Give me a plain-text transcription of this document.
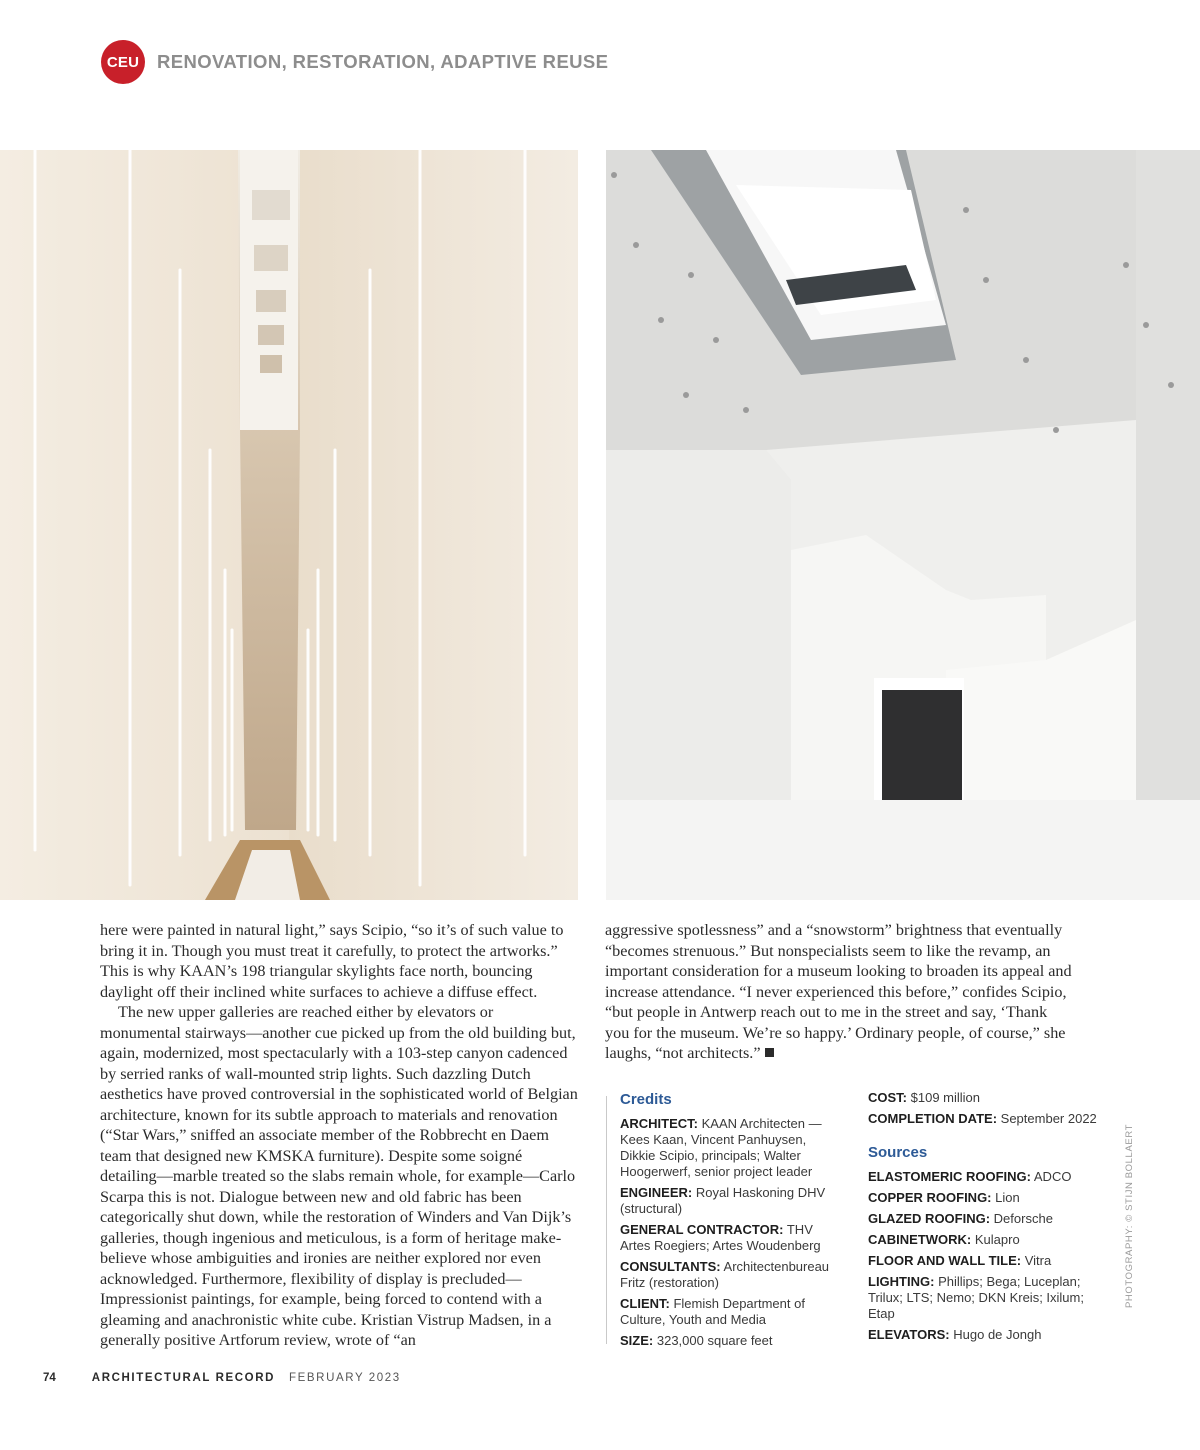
CEU RENOVATION, RESTORATION, ADAPTIVE REUSE

here were painted in natural light,” says Scipio, “so it’s of such value to bring it in. Though you must treat it carefully, to protect the artworks.” This is why KAAN’s 198 triangular skylights face north, bouncing daylight off their inclined white surfaces to achieve a diffuse effect.

The new upper galleries are reached either by elevators or monumental stairways—another cue picked up from the old building but, again, modernized, most spectacularly with a 103-step canyon cadenced by serried ranks of wall-mounted strip lights. Such dazzling Dutch aesthetics have proved controversial in the sophisticated world of Belgian architecture, known for its subtle approach to materials and renovation (“Star Wars,” sniffed an associate member of the Robbrecht en Daem team that designed new KMSKA furniture). Despite some soigné detailing—marble treated so the slabs remain whole, for example—Carlo Scarpa this is not. Dialogue between new and old fabric has been categorically shut down, while the restoration of Winders and Van Dijk’s galleries, though ingenious and meticulous, is a form of heritage make-believe whose ambiguities and ironies are neither explored nor even acknowledged. Furthermore, flexibility of display is precluded—Impressionist paintings, for example, being forced to contend with a gleaming and anachronistic white cube. Kristian Vistrup Madsen, in a generally positive Artforum review, wrote of “an

aggressive spotlessness” and a “snowstorm” brightness that eventually “becomes strenuous.” But nonspecialists seem to like the revamp, an important consideration for a museum looking to broaden its appeal and increase attendance. “I never experienced this before,” confides Scipio, “but people in Antwerp reach out to me in the street and say, ‘Thank you for the museum. We’re so happy.’ Ordinary people, of course,” she laughs, “not architects.”

Credits
ARCHITECT: KAAN Architecten — Kees Kaan, Vincent Panhuysen, Dikkie Scipio, principals; Walter Hoogerwerf, senior project leader
ENGINEER: Royal Haskoning DHV (structural)
GENERAL CONTRACTOR: THV Artes Roegiers; Artes Woudenberg
CONSULTANTS: Architectenbureau Fritz (restoration)
CLIENT: Flemish Department of Culture, Youth and Media
SIZE: 323,000 square feet
COST: $109 million
COMPLETION DATE: September 2022
Sources
ELASTOMERIC ROOFING: ADCO
COPPER ROOFING: Lion
GLAZED ROOFING: Deforsche
CABINETWORK: Kulapro
FLOOR AND WALL TILE: Vitra
LIGHTING: Phillips; Bega; Luceplan; Trilux; LTS; Nemo; DKN Kreis; Ixilum; Etap
ELEVATORS: Hugo de Jongh
PHOTOGRAPHY: © STIJN BOLLAERT
74	ARCHITECTURAL RECORD FEBRUARY 2023
